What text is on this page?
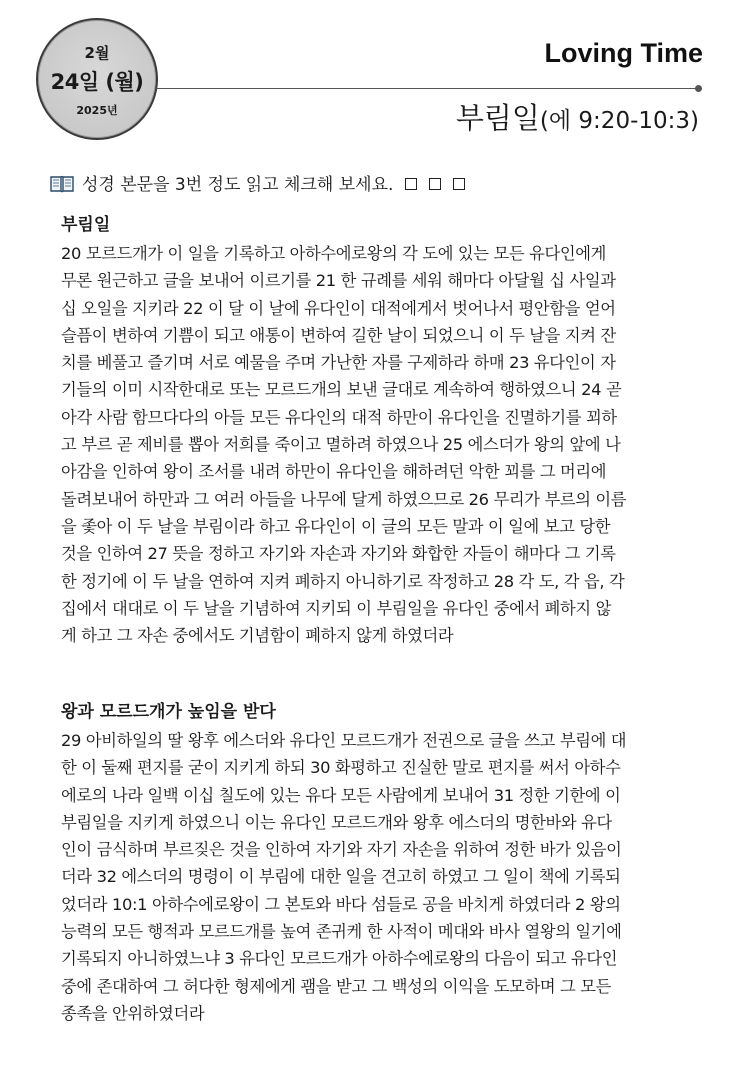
2월
24일 (월)
2025년
Loving Time
부림일(에 9:20-10:3)
성경 본문을 3번 정도 읽고 체크해 보세요.
부림일

20 모르드개가 이 일을 기록하고 아하수에로왕의 각 도에 있는 모든 유다인에게
무론 원근하고 글을 보내어 이르기를 21 한 규례를 세워 해마다 아달월 십 사일과
십 오일을 지키라 22 이 달 이 날에 유다인이 대적에게서 벗어나서 평안함을 얻어
슬픔이 변하여 기쁨이 되고 애통이 변하여 길한 날이 되었으니 이 두 날을 지켜 잔
치를 베풀고 즐기며 서로 예물을 주며 가난한 자를 구제하라 하매 23 유다인이 자
기들의 이미 시작한대로 또는 모르드개의 보낸 글대로 계속하여 행하였으니 24 곧
아각 사람 함므다다의 아들 모든 유다인의 대적 하만이 유다인을 진멸하기를 꾀하
고 부르 곧 제비를 뽑아 저희를 죽이고 멸하려 하였으나 25 에스더가 왕의 앞에 나
아감을 인하여 왕이 조서를 내려 하만이 유다인을 해하려던 악한 꾀를 그 머리에
돌려보내어 하만과 그 여러 아들을 나무에 달게 하였으므로 26 무리가 부르의 이름
을 좇아 이 두 날을 부림이라 하고 유다인이 이 글의 모든 말과 이 일에 보고 당한
것을 인하여 27 뜻을 정하고 자기와 자손과 자기와 화합한 자들이 해마다 그 기록
한 정기에 이 두 날을 연하여 지켜 폐하지 아니하기로 작정하고 28 각 도, 각 읍, 각
집에서 대대로 이 두 날을 기념하여 지키되 이 부림일을 유다인 중에서 폐하지 않
게 하고 그 자손 중에서도 기념함이 폐하지 않게 하였더라

왕과 모르드개가 높임을 받다

29 아비하일의 딸 왕후 에스더와 유다인 모르드개가 전권으로 글을 쓰고 부림에 대
한 이 둘째 편지를 굳이 지키게 하되 30 화평하고 진실한 말로 편지를 써서 아하수
에로의 나라 일백 이십 칠도에 있는 유다 모든 사람에게 보내어 31 정한 기한에 이
부림일을 지키게 하였으니 이는 유다인 모르드개와 왕후 에스더의 명한바와 유다
인이 금식하며 부르짖은 것을 인하여 자기와 자기 자손을 위하여 정한 바가 있음이
더라 32 에스더의 명령이 이 부림에 대한 일을 견고히 하였고 그 일이 책에 기록되
었더라 10:1 아하수에로왕이 그 본토와 바다 섬들로 공을 바치게 하였더라 2 왕의
능력의 모든 행적과 모르드개를 높여 존귀케 한 사적이 메대와 바사 열왕의 일기에
기록되지 아니하였느냐 3 유다인 모르드개가 아하수에로왕의 다음이 되고 유다인
중에 존대하여 그 허다한 형제에게 괨을 받고 그 백성의 이익을 도모하며 그 모든
종족을 안위하였더라
